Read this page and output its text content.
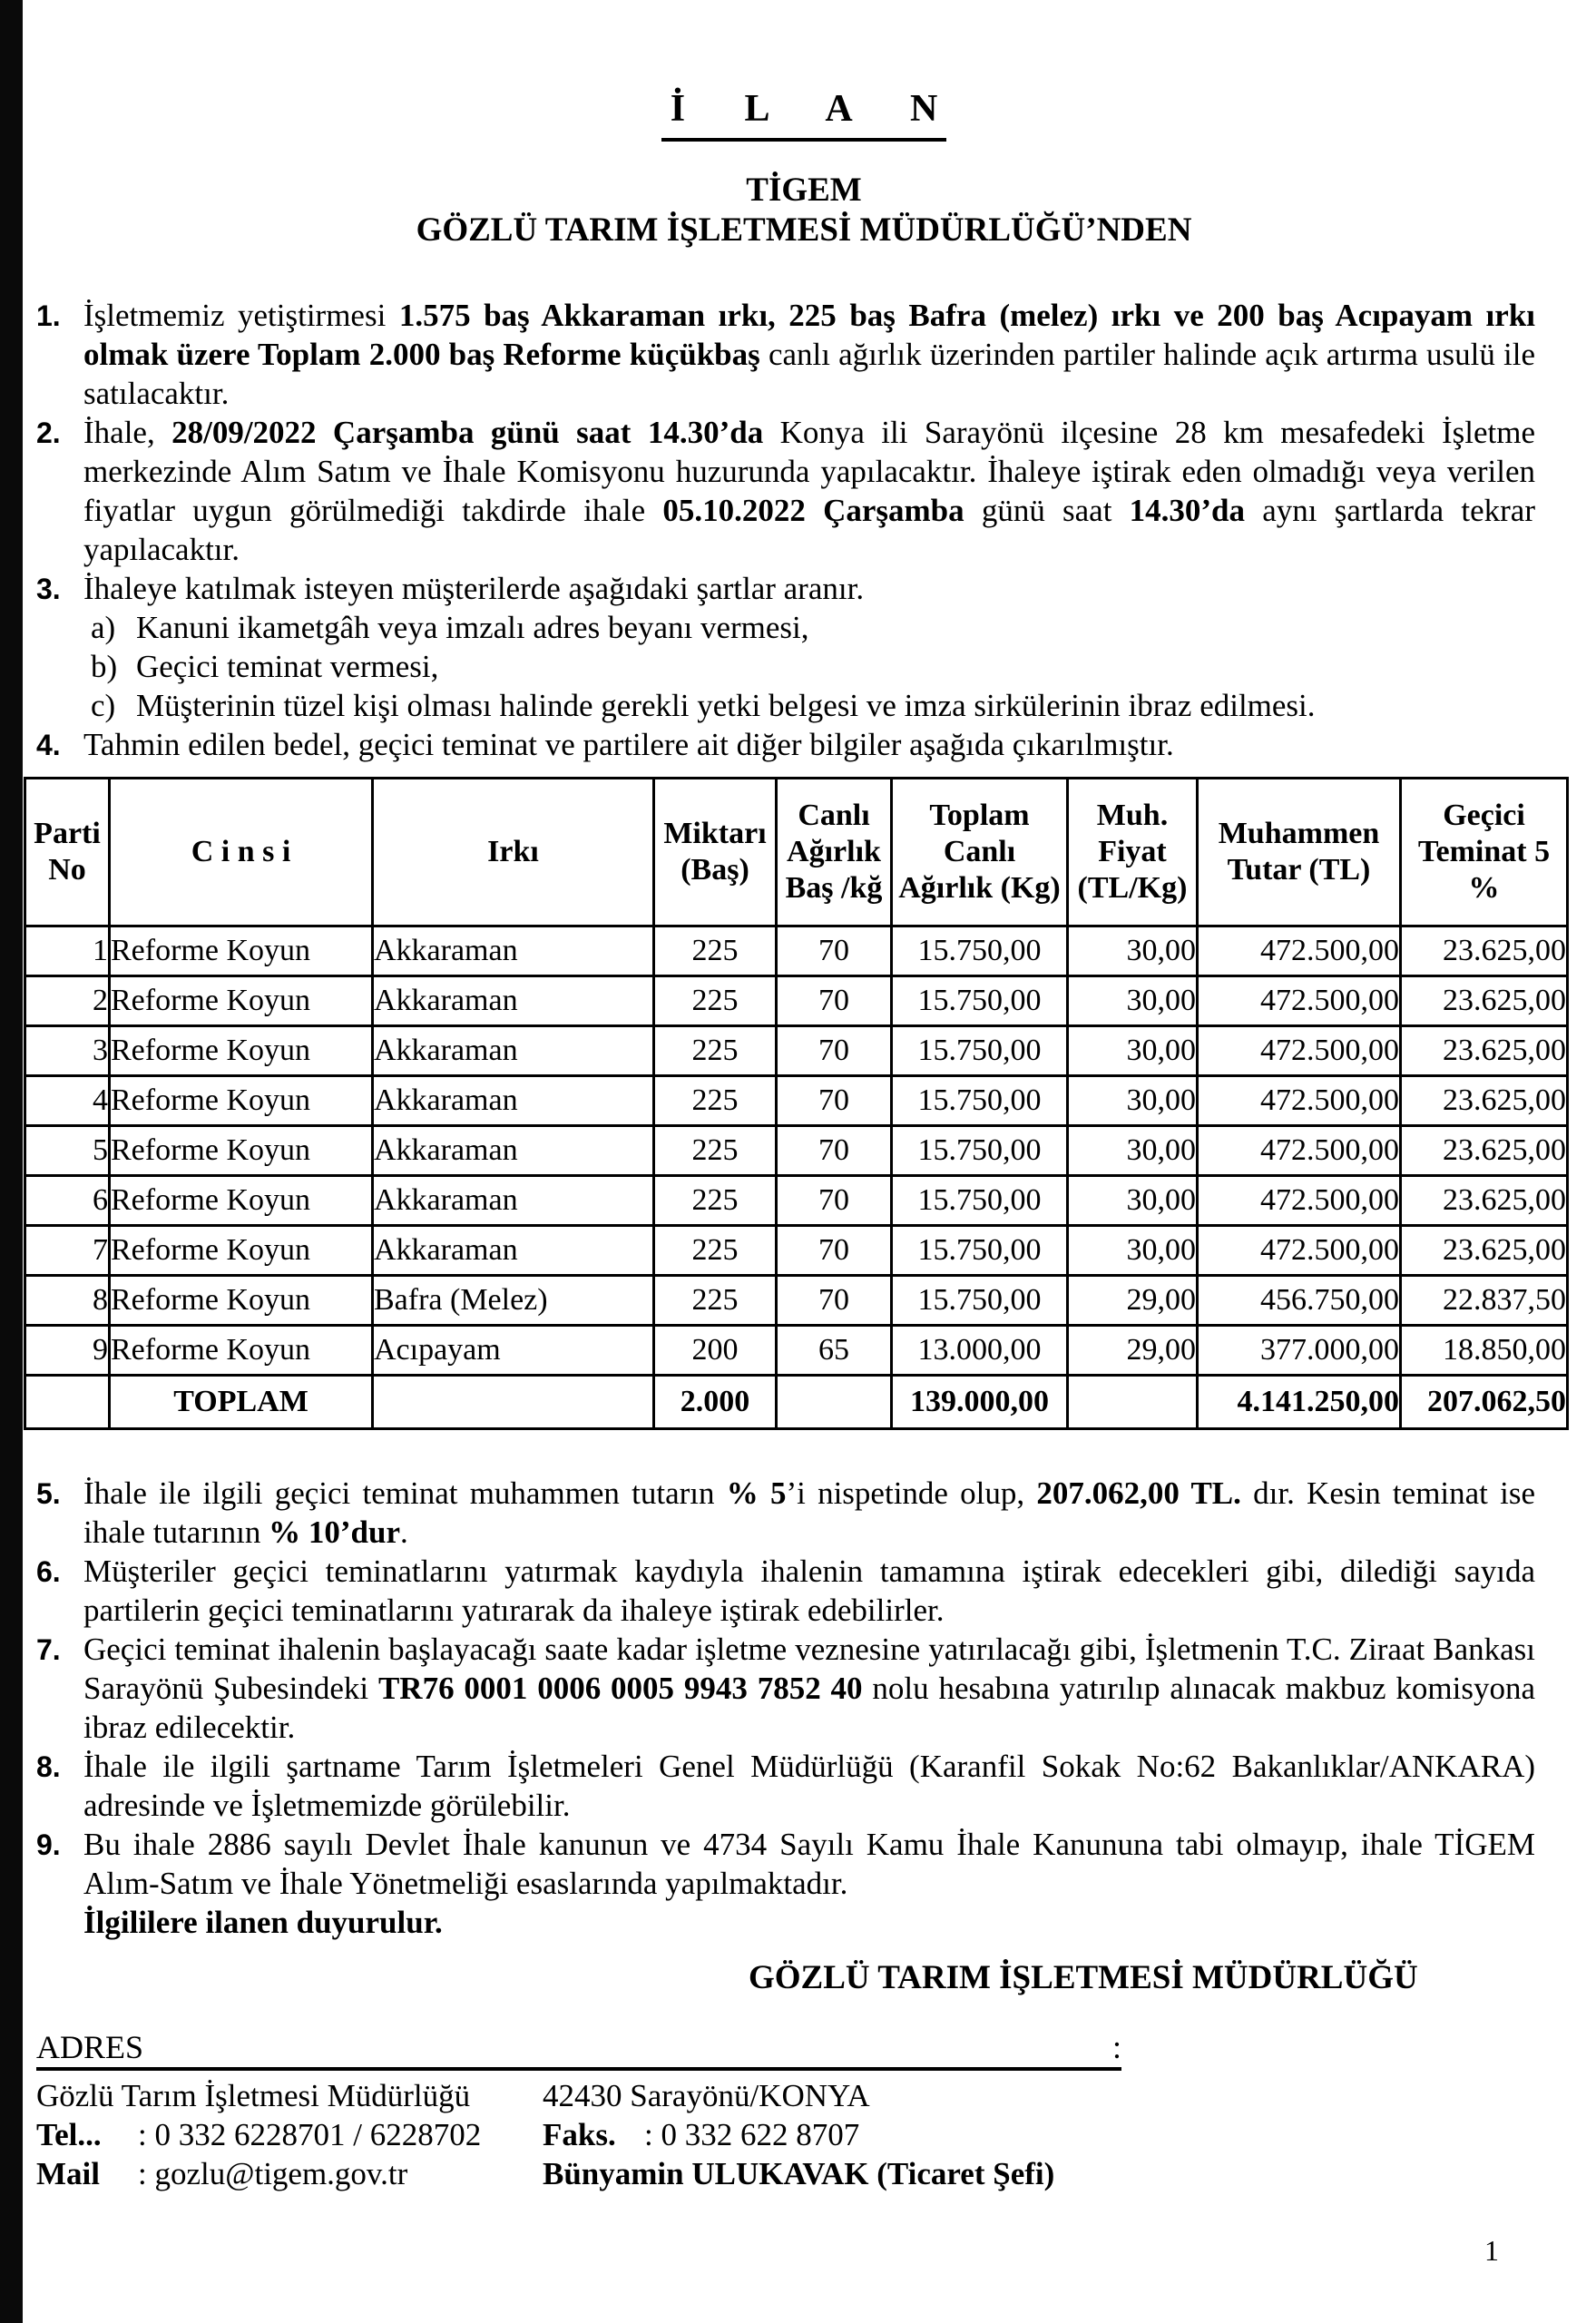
İ L A N
TİGEM
GÖZLÜ TARIM İŞLETMESİ MÜDÜRLÜĞÜ’NDEN
1. İşletmemiz yetiştirmesi 1.575 baş Akkaraman ırkı, 225 baş Bafra (melez) ırkı ve 200 baş Acıpayam ırkı olmak üzere Toplam 2.000 baş Reforme küçükbaş canlı ağırlık üzerinden partiler halinde açık artırma usulü ile satılacaktır.
2. İhale, 28/09/2022 Çarşamba günü saat 14.30’da Konya ili Sarayönü ilçesine 28 km mesafedeki İşletme merkezinde Alım Satım ve İhale Komisyonu huzurunda yapılacaktır. İhaleye iştirak eden olmadığı veya verilen fiyatlar uygun görülmediği takdirde ihale 05.10.2022 Çarşamba günü saat 14.30’da aynı şartlarda tekrar yapılacaktır.
3. İhaleye katılmak isteyen müşterilerde aşağıdaki şartlar aranır.
a) Kanuni ikametgâh veya imzalı adres beyanı vermesi,
b) Geçici teminat vermesi,
c) Müşterinin tüzel kişi olması halinde gerekli yetki belgesi ve imza sirkülerinin ibraz edilmesi.
4. Tahmin edilen bedel, geçici teminat ve partilere ait diğer bilgiler aşağıda çıkarılmıştır.
Parti No	C i n s i	Irkı	Miktarı (Baş)	Canlı Ağırlık Baş /kğ	Toplam Canlı Ağırlık (Kg)	Muh. Fiyat (TL/Kg)	Muhammen Tutar (TL)	Geçici Teminat 5 %
1	Reforme Koyun	Akkaraman	225	70	15.750,00	30,00	472.500,00	23.625,00
2	Reforme Koyun	Akkaraman	225	70	15.750,00	30,00	472.500,00	23.625,00
3	Reforme Koyun	Akkaraman	225	70	15.750,00	30,00	472.500,00	23.625,00
4	Reforme Koyun	Akkaraman	225	70	15.750,00	30,00	472.500,00	23.625,00
5	Reforme Koyun	Akkaraman	225	70	15.750,00	30,00	472.500,00	23.625,00
6	Reforme Koyun	Akkaraman	225	70	15.750,00	30,00	472.500,00	23.625,00
7	Reforme Koyun	Akkaraman	225	70	15.750,00	30,00	472.500,00	23.625,00
8	Reforme Koyun	Bafra (Melez)	225	70	15.750,00	29,00	456.750,00	22.837,50
9	Reforme Koyun	Acıpayam	200	65	13.000,00	29,00	377.000,00	18.850,00
	TOPLAM		2.000		139.000,00		4.141.250,00	207.062,50
5. İhale ile ilgili geçici teminat muhammen tutarın % 5’i nispetinde olup, 207.062,00 TL. dır. Kesin teminat ise ihale tutarının % 10’dur.
6. Müşteriler geçici teminatlarını yatırmak kaydıyla ihalenin tamamına iştirak edecekleri gibi, dilediği sayıda partilerin geçici teminatlarını yatırarak da ihaleye iştirak edebilirler.
7. Geçici teminat ihalenin başlayacağı saate kadar işletme veznesine yatırılacağı gibi, İşletmenin T.C. Ziraat Bankası Sarayönü Şubesindeki TR76 0001 0006 0005 9943 7852 40 nolu hesabına yatırılıp alınacak makbuz komisyona ibraz edilecektir.
8. İhale ile ilgili şartname Tarım İşletmeleri Genel Müdürlüğü (Karanfil Sokak No:62 Bakanlıklar/ANKARA) adresinde ve İşletmemizde görülebilir.
9. Bu ihale 2886 sayılı Devlet İhale kanunun ve 4734 Sayılı Kamu İhale Kanununa tabi olmayıp, ihale TİGEM Alım-Satım ve İhale Yönetmeliği esaslarında yapılmaktadır.
İlgililere ilanen duyurulur.
GÖZLÜ TARIM İŞLETMESİ MÜDÜRLÜĞÜ
ADRES	:
Gözlü Tarım İşletmesi Müdürlüğü	42430 Sarayönü/KONYA
Tel... : 0 332 6228701 / 6228702	Faks. : 0 332 622 8707
Mail : gozlu@tigem.gov.tr	Bünyamin ULUKAVAK (Ticaret Şefi)
1
